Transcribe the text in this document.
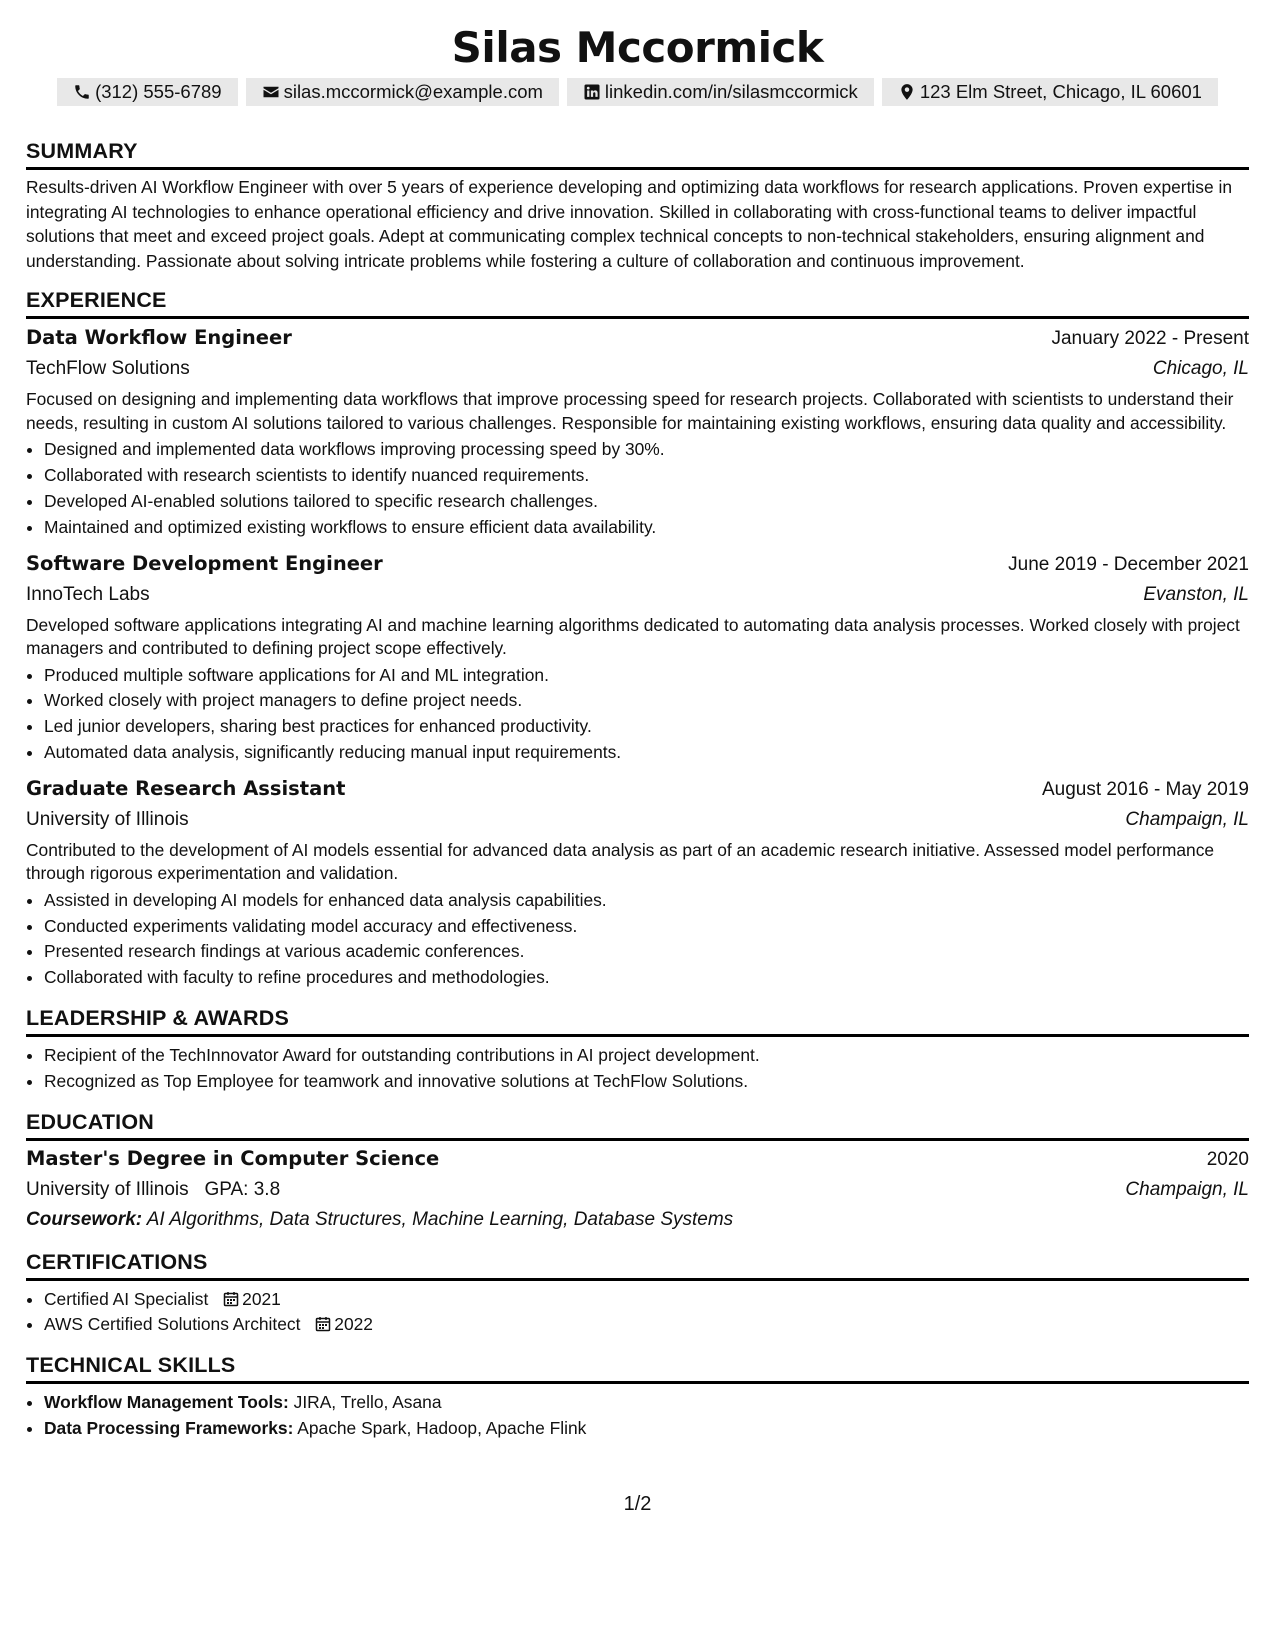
Silas Mccormick
(312) 555-6789	silas.mccormick@example.com	linkedin.com/in/silasmccormick	123 Elm Street, Chicago, IL 60601
SUMMARY

Results-driven AI Workflow Engineer with over 5 years of experience developing and optimizing data workflows for research applications. Proven expertise in integrating AI technologies to enhance operational efficiency and drive innovation. Skilled in collaborating with cross-functional teams to deliver impactful solutions that meet and exceed project goals. Adept at communicating complex technical concepts to non-technical stakeholders, ensuring alignment and understanding. Passionate about solving intricate problems while fostering a culture of collaboration and continuous improvement.

EXPERIENCE
Data Workflow Engineer	January 2022 - Present
TechFlow Solutions	Chicago, IL
Focused on designing and implementing data workflows that improve processing speed for research projects. Collaborated with scientists to understand their needs, resulting in custom AI solutions tailored to various challenges. Responsible for maintaining existing workflows, ensuring data quality and accessibility.
• Designed and implemented data workflows improving processing speed by 30%.
• Collaborated with research scientists to identify nuanced requirements.
• Developed AI-enabled solutions tailored to specific research challenges.
• Maintained and optimized existing workflows to ensure efficient data availability.
Software Development Engineer	June 2019 - December 2021
InnoTech Labs	Evanston, IL
Developed software applications integrating AI and machine learning algorithms dedicated to automating data analysis processes. Worked closely with project managers and contributed to defining project scope effectively.
• Produced multiple software applications for AI and ML integration.
• Worked closely with project managers to define project needs.
• Led junior developers, sharing best practices for enhanced productivity.
• Automated data analysis, significantly reducing manual input requirements.
Graduate Research Assistant	August 2016 - May 2019
University of Illinois	Champaign, IL
Contributed to the development of AI models essential for advanced data analysis as part of an academic research initiative. Assessed model performance through rigorous experimentation and validation.
• Assisted in developing AI models for enhanced data analysis capabilities.
• Conducted experiments validating model accuracy and effectiveness.
• Presented research findings at various academic conferences.
• Collaborated with faculty to refine procedures and methodologies.
LEADERSHIP & AWARDS
• Recipient of the TechInnovator Award for outstanding contributions in AI project development.
• Recognized as Top Employee for teamwork and innovative solutions at TechFlow Solutions.
EDUCATION
Master's Degree in Computer Science	2020
University of Illinois GPA: 3.8	Champaign, IL
Coursework: AI Algorithms, Data Structures, Machine Learning, Database Systems
CERTIFICATIONS
• Certified AI Specialist 2021
• AWS Certified Solutions Architect 2022
TECHNICAL SKILLS
• Workflow Management Tools: JIRA, Trello, Asana
• Data Processing Frameworks: Apache Spark, Hadoop, Apache Flink
1/2
